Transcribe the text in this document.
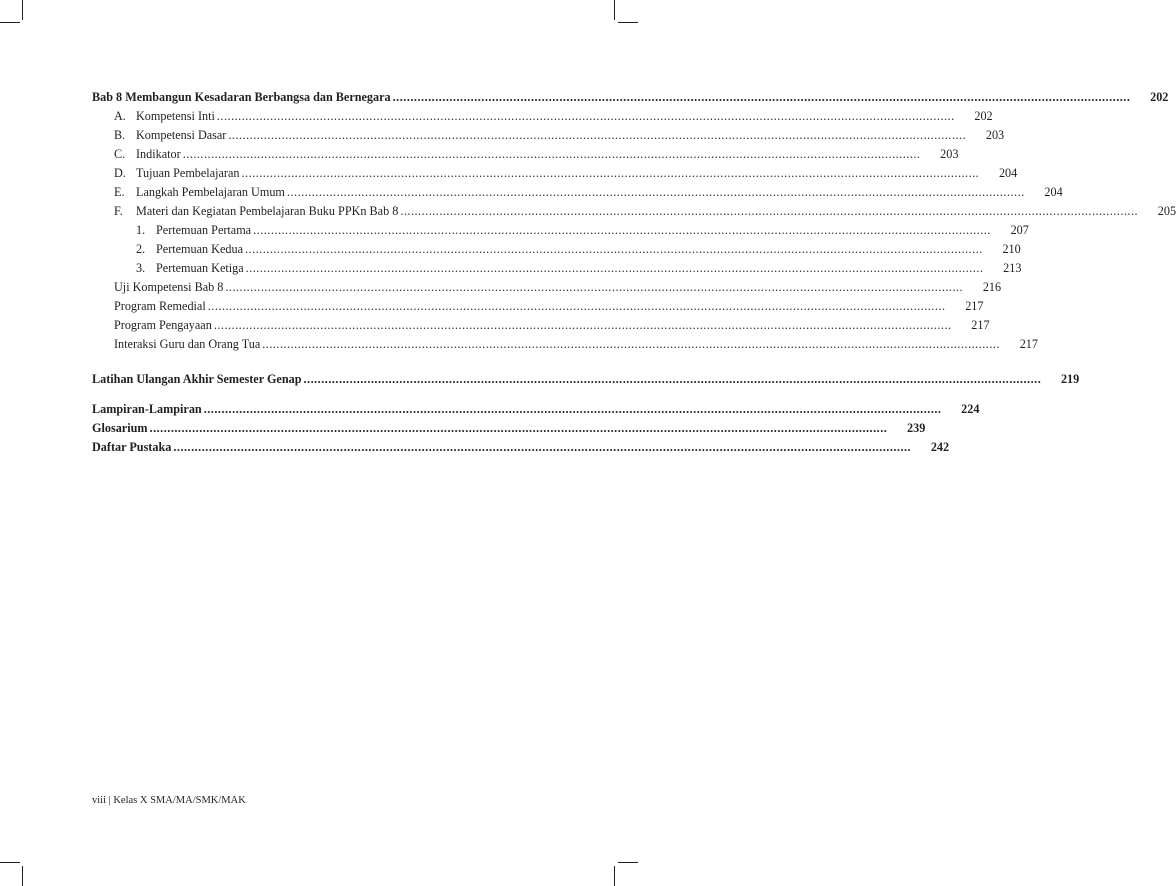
Bab 8 Membangun Kesadaran Berbangsa dan Bernegara .....	202
A. Kompetensi Inti .....	202
B. Kompetensi Dasar .....	203
C. Indikator .....	203
D. Tujuan Pembelajaran .....	204
E. Langkah Pembelajaran Umum .....	204
F.	Materi dan Kegiatan Pembelajaran Buku PPKn Bab 8 .....	205
1. Pertemuan Pertama .....	207
2. Pertemuan Kedua .....	210
3. Pertemuan Ketiga .....	213
Uji Kompetensi Bab 8 .....	216
Program Remedial .....	217
Program Pengayaan .....	217
Interaksi Guru dan Orang Tua .....	217
Latihan Ulangan Akhir Semester Genap .....	219
Lampiran-Lampiran .....	224
Glosarium .....	239
Daftar Pustaka .....	242
viii | Kelas X SMA/MA/SMK/MAK
